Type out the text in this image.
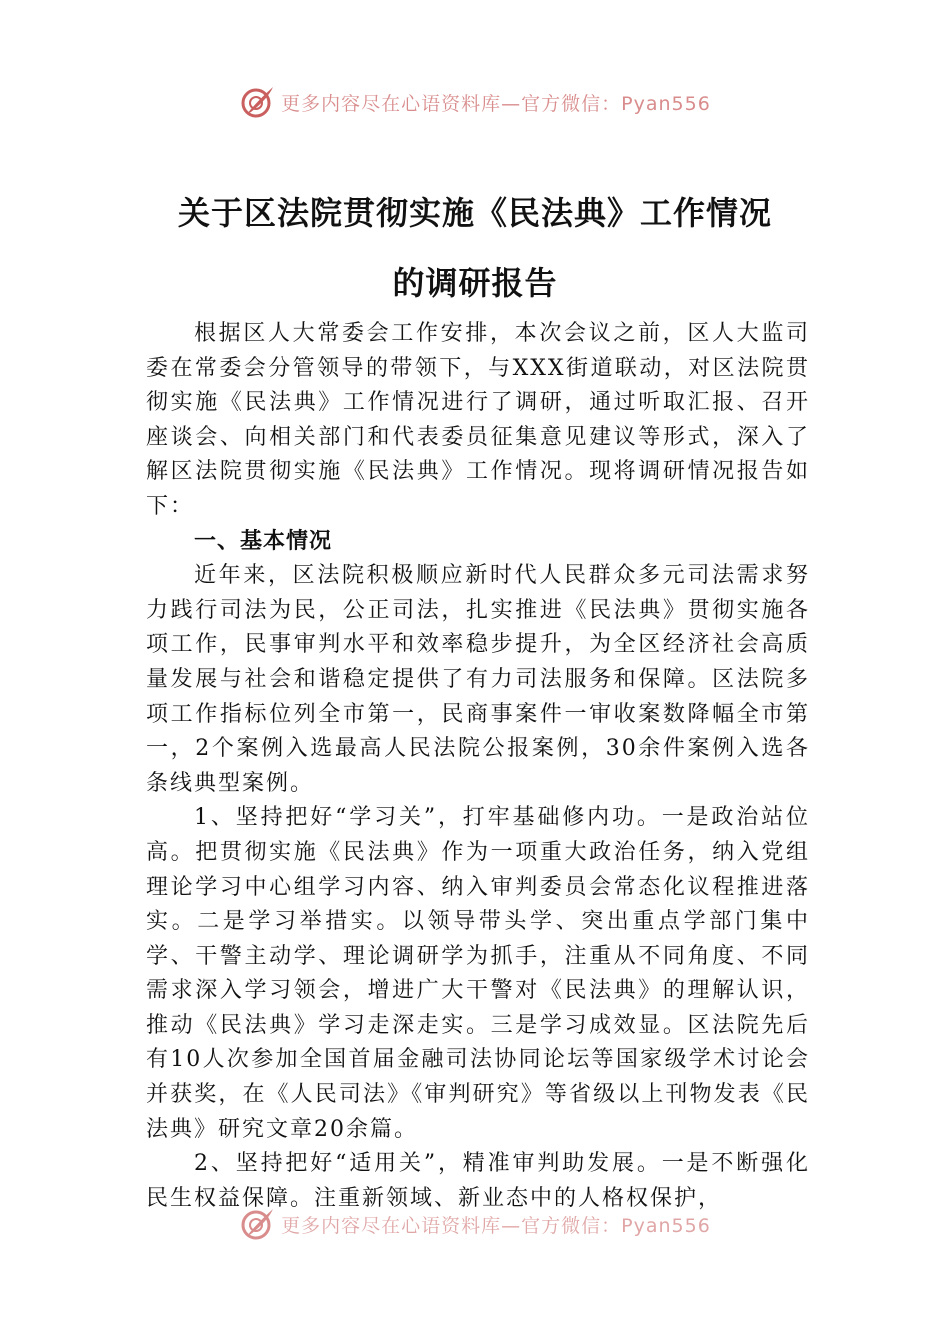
更多内容尽在心语资料库—官方微信：Pyan556
关于区法院贯彻实施《民法典》工作情况
的调研报告

根据区人大常委会工作安排，本次会议之前，区人大监司委在常委会分管领导的带领下，与XXX街道联动，对区法院贯彻实施《民法典》工作情况进行了调研，通过听取汇报、召开座谈会、向相关部门和代表委员征集意见建议等形式，深入了解区法院贯彻实施《民法典》工作情况。现将调研情况报告如下：

一、基本情况

近年来，区法院积极顺应新时代人民群众多元司法需求努力践行司法为民，公正司法，扎实推进《民法典》贯彻实施各项工作，民事审判水平和效率稳步提升，为全区经济社会高质量发展与社会和谐稳定提供了有力司法服务和保障。区法院多项工作指标位列全市第一，民商事案件一审收案数降幅全市第一，2个案例入选最高人民法院公报案例，30余件案例入选各条线典型案例。

1、坚持把好“学习关”，打牢基础修内功。一是政治站位高。把贯彻实施《民法典》作为一项重大政治任务，纳入党组理论学习中心组学习内容、纳入审判委员会常态化议程推进落实。二是学习举措实。以领导带头学、突出重点学部门集中学、干警主动学、理论调研学为抓手，注重从不同角度、不同需求深入学习领会，增进广大干警对《民法典》的理解认识，推动《民法典》学习走深走实。三是学习成效显。区法院先后有10人次参加全国首届金融司法协同论坛等国家级学术讨论会并获奖，在《人民司法》《审判研究》等省级以上刊物发表《民法典》研究文章20余篇。

2、坚持把好“适用关”，精准审判助发展。一是不断强化民生权益保障。注重新领域、新业态中的人格权保护，

更多内容尽在心语资料库—官方微信：Pyan556
